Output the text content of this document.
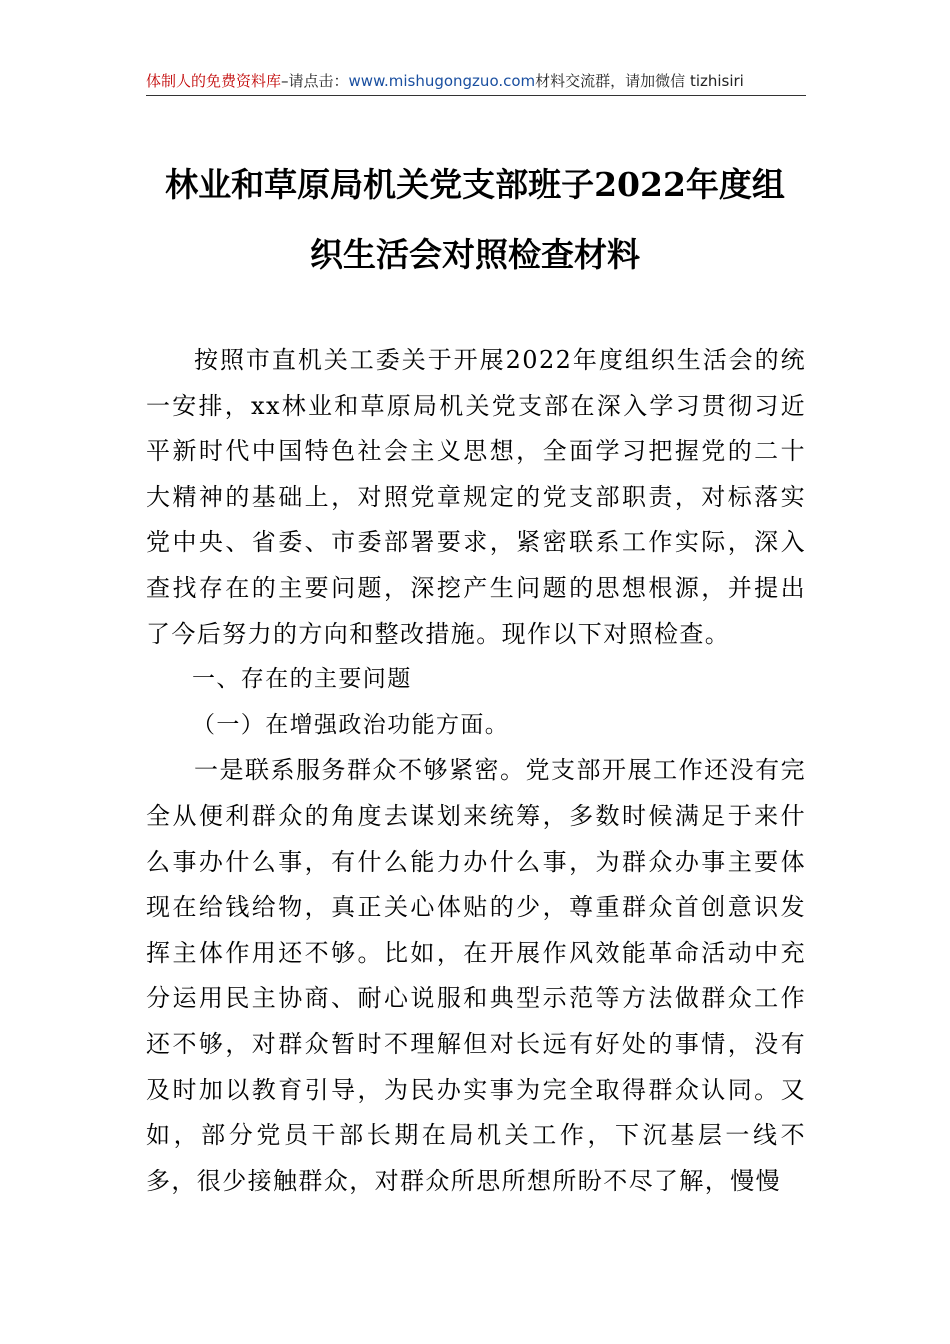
体制人的免费资料库–请点击：www.mishugongzuo.com材料交流群，请加微信 tizhisiri
林业和草原局机关党支部班子2022年度组
织生活会对照检查材料

按照市直机关工委关于开展2022年度组织生活会的统一安排，xx林业和草原局机关党支部在深入学习贯彻习近平新时代中国特色社会主义思想，全面学习把握党的二十大精神的基础上，对照党章规定的党支部职责，对标落实党中央、省委、市委部署要求，紧密联系工作实际，深入查找存在的主要问题，深挖产生问题的思想根源，并提出了今后努力的方向和整改措施。现作以下对照检查。

一、存在的主要问题

（一）在增强政治功能方面。

一是联系服务群众不够紧密。党支部开展工作还没有完全从便利群众的角度去谋划来统筹，多数时候满足于来什么事办什么事，有什么能力办什么事，为群众办事主要体现在给钱给物，真正关心体贴的少，尊重群众首创意识发挥主体作用还不够。比如，在开展作风效能革命活动中充分运用民主协商、耐心说服和典型示范等方法做群众工作还不够，对群众暂时不理解但对长远有好处的事情，没有及时加以教育引导，为民办实事为完全取得群众认同。又如，部分党员干部长期在局机关工作，下沉基层一线不多，很少接触群众，对群众所思所想所盼不尽了解，慢慢
